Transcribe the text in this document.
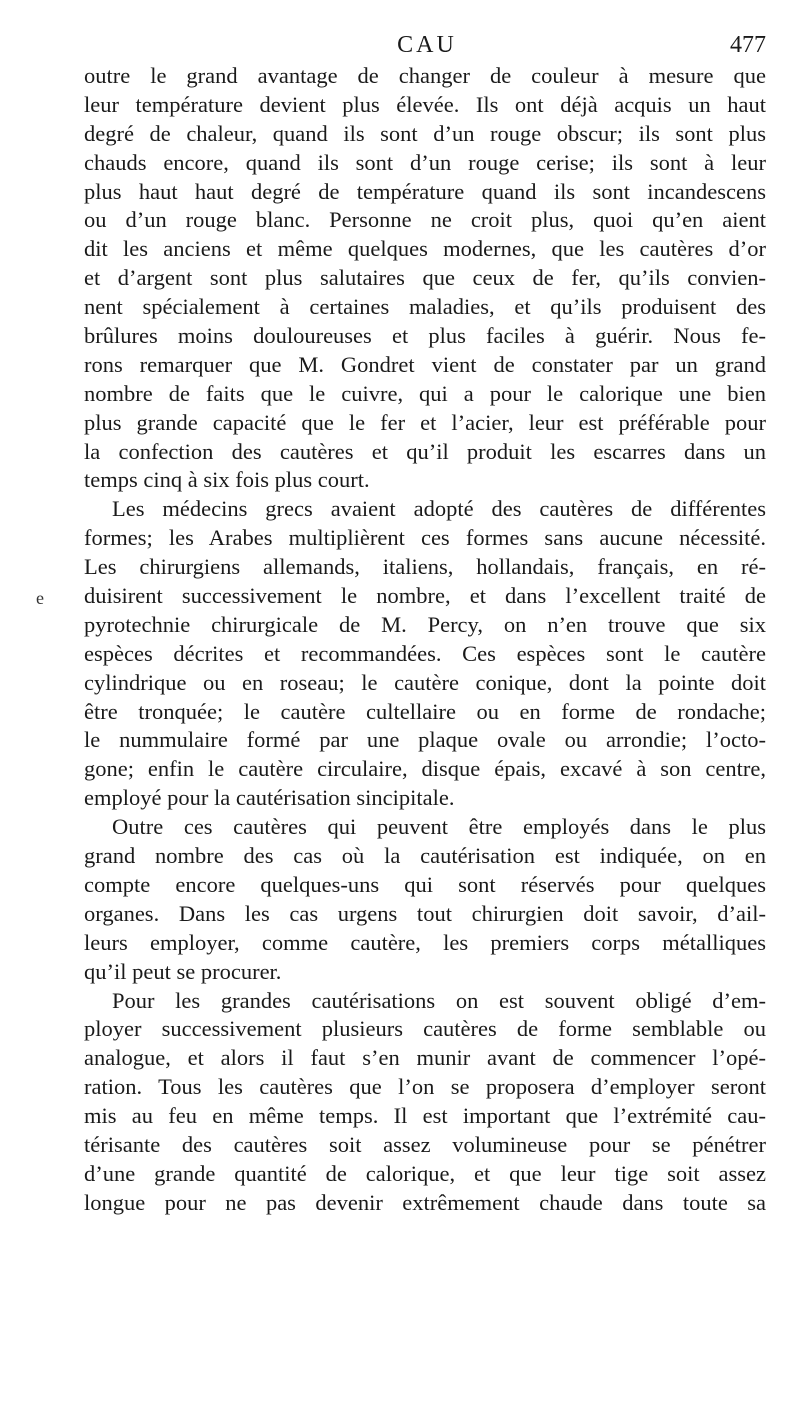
CAU	477
e
outre le grand avantage de changer de couleur à mesure que
leur température devient plus élevée. Ils ont déjà acquis un haut
degré de chaleur, quand ils sont d’un rouge obscur; ils sont plus
chauds encore, quand ils sont d’un rouge cerise; ils sont à leur
plus haut haut degré de température quand ils sont incandescens
ou d’un rouge blanc. Personne ne croit plus, quoi qu’en aient
dit les anciens et même quelques modernes, que les cautères d’or
et d’argent sont plus salutaires que ceux de fer, qu’ils convien-
nent spécialement à certaines maladies, et qu’ils produisent des
brûlures moins douloureuses et plus faciles à guérir. Nous fe-
rons remarquer que M. Gondret vient de constater par un grand
nombre de faits que le cuivre, qui a pour le calorique une bien
plus grande capacité que le fer et l’acier, leur est préférable pour
la confection des cautères et qu’il produit les escarres dans un
temps cinq à six fois plus court.
Les médecins grecs avaient adopté des cautères de différentes
formes; les Arabes multiplièrent ces formes sans aucune nécessité.
Les chirurgiens allemands, italiens, hollandais, français, en ré-
duisirent successivement le nombre, et dans l’excellent traité de
pyrotechnie chirurgicale de M. Percy, on n’en trouve que six
espèces décrites et recommandées. Ces espèces sont le cautère
cylindrique ou en roseau; le cautère conique, dont la pointe doit
être tronquée; le cautère cultellaire ou en forme de rondache;
le nummulaire formé par une plaque ovale ou arrondie; l’octo-
gone; enfin le cautère circulaire, disque épais, excavé à son centre,
employé pour la cautérisation sincipitale.
Outre ces cautères qui peuvent être employés dans le plus
grand nombre des cas où la cautérisation est indiquée, on en
compte encore quelques-uns qui sont réservés pour quelques
organes. Dans les cas urgens tout chirurgien doit savoir, d’ail-
leurs employer, comme cautère, les premiers corps métalliques
qu’il peut se procurer.
Pour les grandes cautérisations on est souvent obligé d’em-
ployer successivement plusieurs cautères de forme semblable ou
analogue, et alors il faut s’en munir avant de commencer l’opé-
ration. Tous les cautères que l’on se proposera d’employer seront
mis au feu en même temps. Il est important que l’extrémité cau-
térisante des cautères soit assez volumineuse pour se pénétrer
d’une grande quantité de calorique, et que leur tige soit assez
longue pour ne pas devenir extrêmement chaude dans toute sa
